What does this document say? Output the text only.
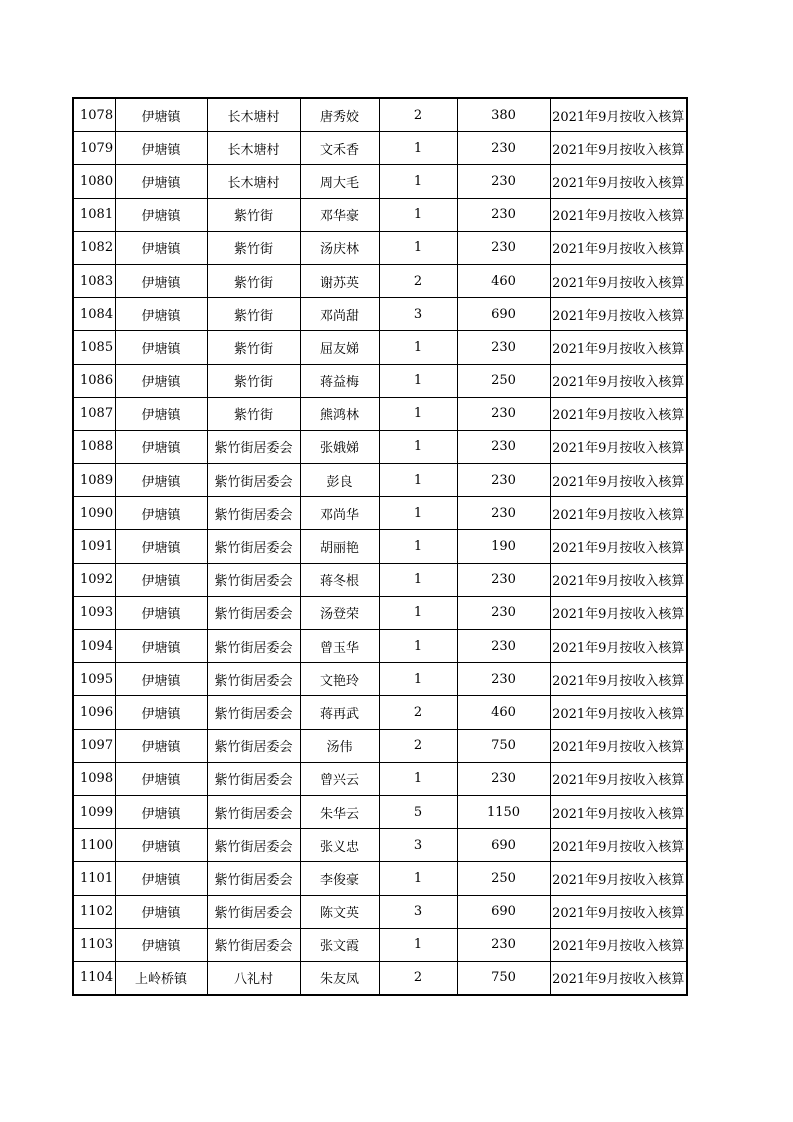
1078	伊塘镇	长木塘村	唐秀姣	2	380	2021年9月按收入核算
1079	伊塘镇	长木塘村	文禾香	1	230	2021年9月按收入核算
1080	伊塘镇	长木塘村	周大毛	1	230	2021年9月按收入核算
1081	伊塘镇	紫竹街	邓华豪	1	230	2021年9月按收入核算
1082	伊塘镇	紫竹街	汤庆林	1	230	2021年9月按收入核算
1083	伊塘镇	紫竹街	谢苏英	2	460	2021年9月按收入核算
1084	伊塘镇	紫竹街	邓尚甜	3	690	2021年9月按收入核算
1085	伊塘镇	紫竹街	屈友娣	1	230	2021年9月按收入核算
1086	伊塘镇	紫竹街	蒋益梅	1	250	2021年9月按收入核算
1087	伊塘镇	紫竹街	熊鸿林	1	230	2021年9月按收入核算
1088	伊塘镇	紫竹街居委会	张娥娣	1	230	2021年9月按收入核算
1089	伊塘镇	紫竹街居委会	彭良	1	230	2021年9月按收入核算
1090	伊塘镇	紫竹街居委会	邓尚华	1	230	2021年9月按收入核算
1091	伊塘镇	紫竹街居委会	胡丽艳	1	190	2021年9月按收入核算
1092	伊塘镇	紫竹街居委会	蒋冬根	1	230	2021年9月按收入核算
1093	伊塘镇	紫竹街居委会	汤登荣	1	230	2021年9月按收入核算
1094	伊塘镇	紫竹街居委会	曾玉华	1	230	2021年9月按收入核算
1095	伊塘镇	紫竹街居委会	文艳玲	1	230	2021年9月按收入核算
1096	伊塘镇	紫竹街居委会	蒋再武	2	460	2021年9月按收入核算
1097	伊塘镇	紫竹街居委会	汤伟	2	750	2021年9月按收入核算
1098	伊塘镇	紫竹街居委会	曾兴云	1	230	2021年9月按收入核算
1099	伊塘镇	紫竹街居委会	朱华云	5	1150	2021年9月按收入核算
1100	伊塘镇	紫竹街居委会	张义忠	3	690	2021年9月按收入核算
1101	伊塘镇	紫竹街居委会	李俊豪	1	250	2021年9月按收入核算
1102	伊塘镇	紫竹街居委会	陈文英	3	690	2021年9月按收入核算
1103	伊塘镇	紫竹街居委会	张文霞	1	230	2021年9月按收入核算
1104	上岭桥镇	八礼村	朱友凤	2	750	2021年9月按收入核算
